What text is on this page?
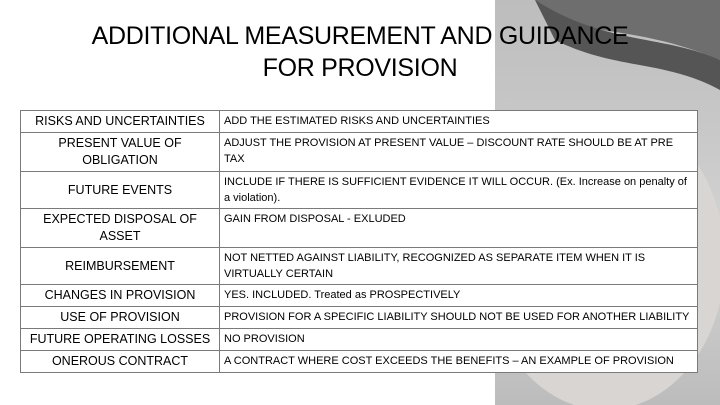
ADDITIONAL MEASUREMENT AND GUIDANCE
FOR PROVISION
RISKS AND UNCERTAINTIES	ADD THE ESTIMATED RISKS AND UNCERTAINTIES
PRESENT VALUE OF OBLIGATION	ADJUST THE PROVISION AT PRESENT VALUE – DISCOUNT RATE SHOULD BE AT PRE TAX
FUTURE EVENTS	INCLUDE IF THERE IS SUFFICIENT EVIDENCE IT WILL OCCUR. (Ex. Increase on penalty of a violation).
EXPECTED DISPOSAL OF ASSET	GAIN FROM DISPOSAL - EXLUDED
REIMBURSEMENT	NOT NETTED AGAINST LIABILITY, RECOGNIZED AS SEPARATE ITEM WHEN IT IS VIRTUALLY CERTAIN
CHANGES IN PROVISION	YES. INCLUDED. Treated as PROSPECTIVELY
USE OF PROVISION	PROVISION FOR A SPECIFIC LIABILITY SHOULD NOT BE USED FOR ANOTHER LIABILITY
FUTURE OPERATING LOSSES	NO PROVISION
ONEROUS CONTRACT	A CONTRACT WHERE COST EXCEEDS THE BENEFITS – AN EXAMPLE OF PROVISION
